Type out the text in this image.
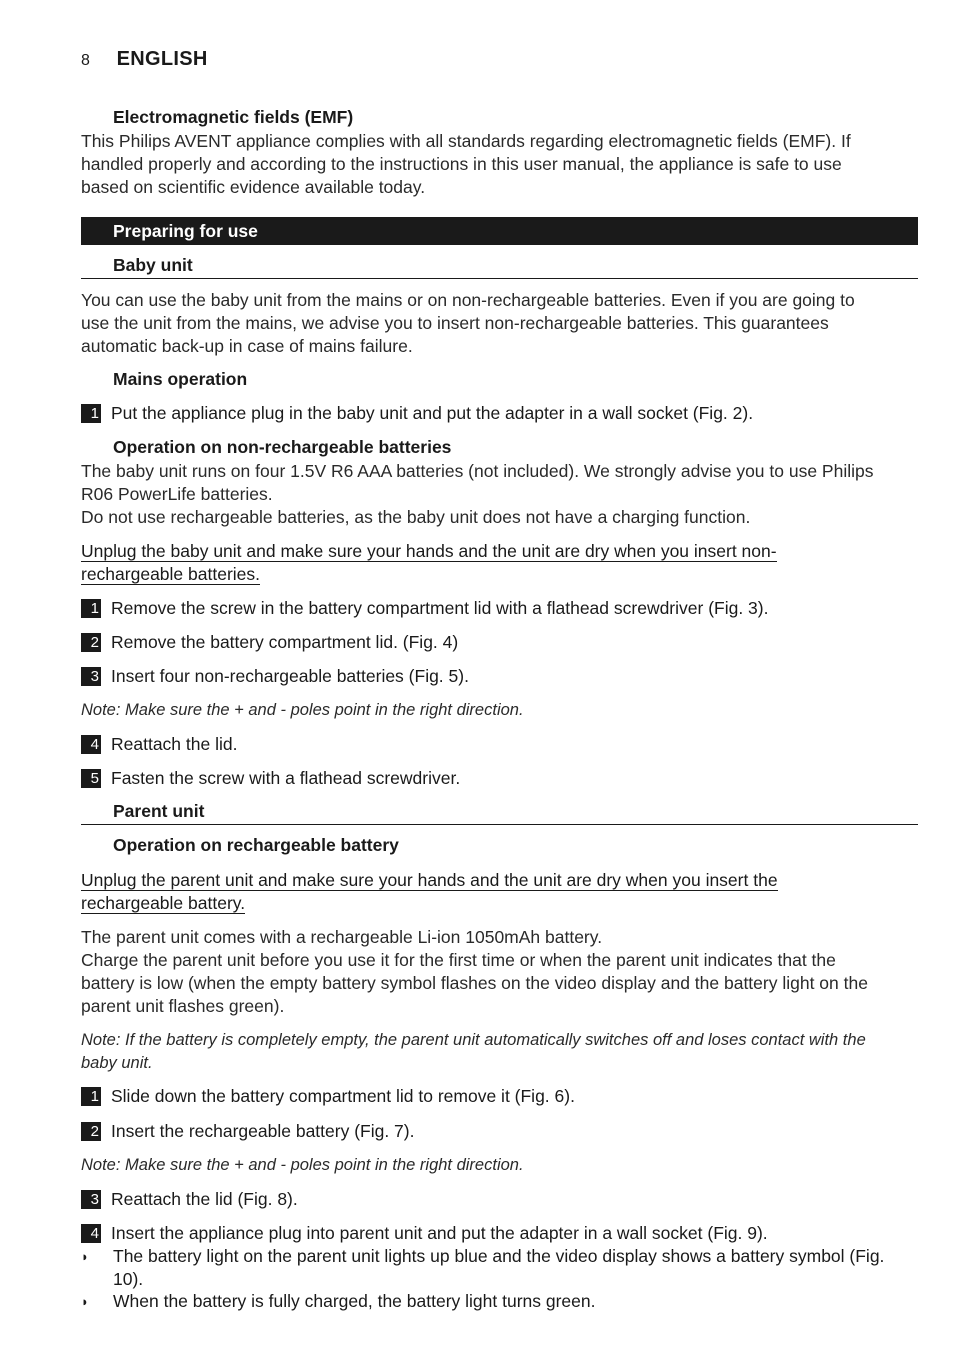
8 ENGLISH
Electromagnetic fields (EMF)
This Philips AVENT appliance complies with all standards regarding electromagnetic fields (EMF). If handled properly and according to the instructions in this user manual, the appliance is safe to use based on scientific evidence available today.
Preparing for use
Baby unit
You can use the baby unit from the mains or on non-rechargeable batteries. Even if you are going to use the unit from the mains, we advise you to insert non-rechargeable batteries. This guarantees automatic back-up in case of mains failure.
Mains operation
1 Put the appliance plug in the baby unit and put the adapter in a wall socket (Fig. 2).
Operation on non-rechargeable batteries
The baby unit runs on four 1.5V R6 AAA batteries (not included). We strongly advise you to use Philips R06 PowerLife batteries.
Do not use rechargeable batteries, as the baby unit does not have a charging function.
Unplug the baby unit and make sure your hands and the unit are dry when you insert non-rechargeable batteries.
1 Remove the screw in the battery compartment lid with a flathead screwdriver (Fig. 3).
2 Remove the battery compartment lid. (Fig. 4)
3 Insert four non-rechargeable batteries (Fig. 5).
Note: Make sure the + and - poles point in the right direction.
4 Reattach the lid.
5 Fasten the screw with a flathead screwdriver.
Parent unit
Operation on rechargeable battery
Unplug the parent unit and make sure your hands and the unit are dry when you insert the rechargeable battery.
The parent unit comes with a rechargeable Li-ion 1050mAh battery.
Charge the parent unit before you use it for the first time or when the parent unit indicates that the battery is low (when the empty battery symbol flashes on the video display and the battery light on the parent unit flashes green).
Note: If the battery is completely empty, the parent unit automatically switches off and loses contact with the baby unit.
1 Slide down the battery compartment lid to remove it (Fig. 6).
2 Insert the rechargeable battery (Fig. 7).
Note: Make sure the + and - poles point in the right direction.
3 Reattach the lid (Fig. 8).
4 Insert the appliance plug into parent unit and put the adapter in a wall socket (Fig. 9).
◗	The battery light on the parent unit lights up blue and the video display shows a battery symbol (Fig. 10).
◗	When the battery is fully charged, the battery light turns green.
